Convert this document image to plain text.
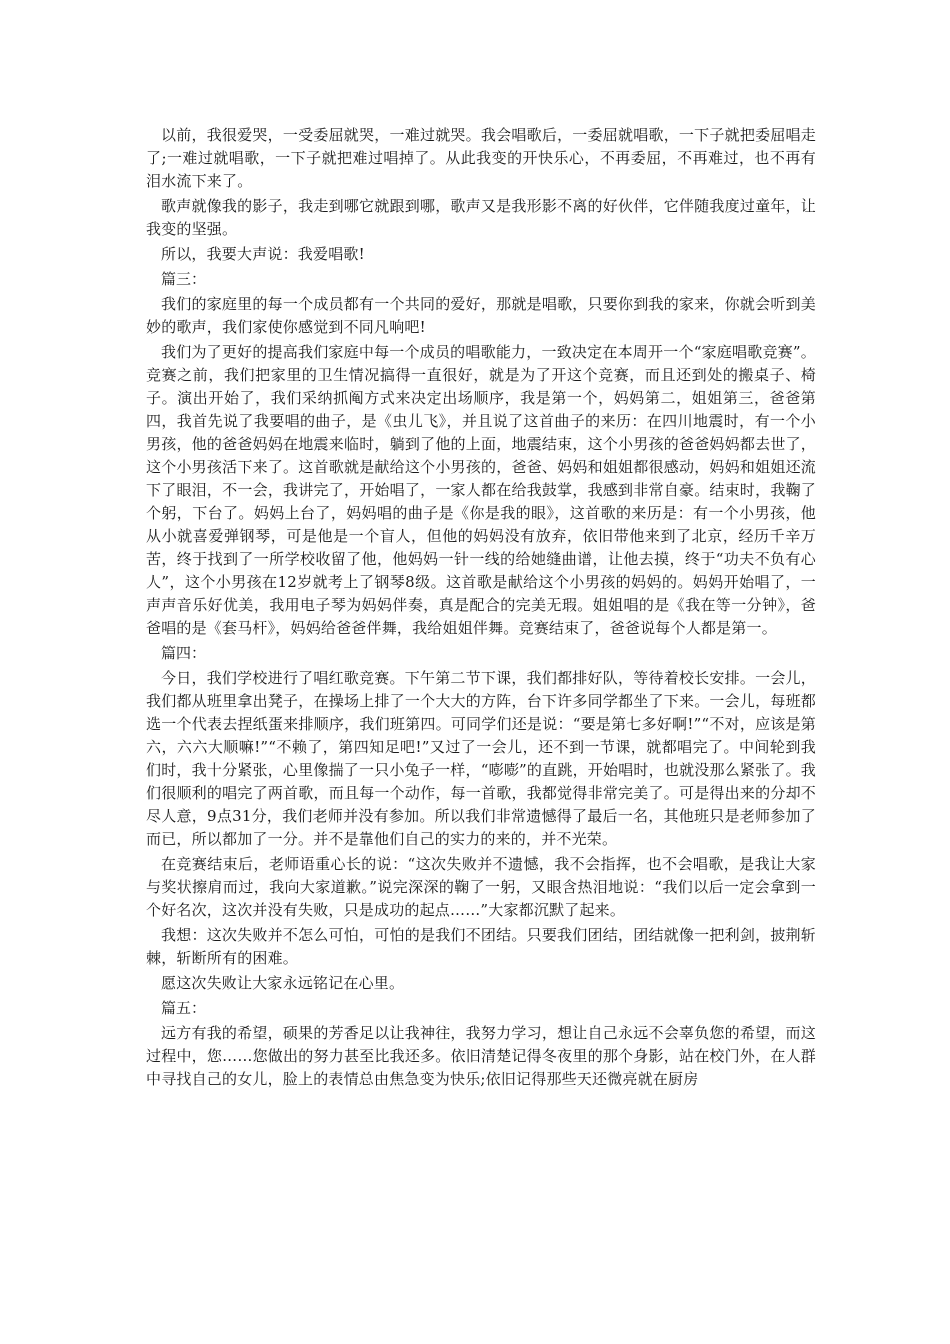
以前，我很爱哭，一受委屈就哭，一难过就哭。我会唱歌后，一委屈就唱歌，一下子就把委屈唱走了;一难过就唱歌，一下子就把难过唱掉了。从此我变的开快乐心，不再委屈，不再难过，也不再有泪水流下来了。

歌声就像我的影子，我走到哪它就跟到哪，歌声又是我形影不离的好伙伴，它伴随我度过童年，让我变的坚强。

所以，我要大声说：我爱唱歌!

篇三：

我们的家庭里的每一个成员都有一个共同的爱好，那就是唱歌，只要你到我的家来，你就会听到美妙的歌声，我们家使你感觉到不同凡响吧!

我们为了更好的提高我们家庭中每一个成员的唱歌能力，一致决定在本周开一个“家庭唱歌竞赛”。竞赛之前，我们把家里的卫生情况搞得一直很好，就是为了开这个竞赛，而且还到处的搬桌子、椅子。演出开始了，我们采纳抓阄方式来决定出场顺序，我是第一个，妈妈第二，姐姐第三，爸爸第四，我首先说了我要唱的曲子，是《虫儿飞》，并且说了这首曲子的来历：在四川地震时，有一个小男孩，他的爸爸妈妈在地震来临时，躺到了他的上面，地震结束，这个小男孩的爸爸妈妈都去世了，这个小男孩活下来了。这首歌就是献给这个小男孩的，爸爸、妈妈和姐姐都很感动，妈妈和姐姐还流下了眼泪，不一会，我讲完了，开始唱了，一家人都在给我鼓掌，我感到非常自豪。结束时，我鞠了个躬，下台了。妈妈上台了，妈妈唱的曲子是《你是我的眼》，这首歌的来历是：有一个小男孩，他从小就喜爱弹钢琴，可是他是一个盲人，但他的妈妈没有放弃，依旧带他来到了北京，经历千辛万苦，终于找到了一所学校收留了他，他妈妈一针一线的给她缝曲谱，让他去摸，终于“功夫不负有心人”，这个小男孩在12岁就考上了钢琴8级。这首歌是献给这个小男孩的妈妈的。妈妈开始唱了，一声声音乐好优美，我用电子琴为妈妈伴奏，真是配合的完美无瑕。姐姐唱的是《我在等一分钟》，爸爸唱的是《套马杆》，妈妈给爸爸伴舞，我给姐姐伴舞。竞赛结束了，爸爸说每个人都是第一。

篇四：

今日，我们学校进行了唱红歌竞赛。下午第二节下课，我们都排好队，等待着校长安排。一会儿，我们都从班里拿出凳子，在操场上排了一个大大的方阵，台下许多同学都坐了下来。一会儿，每班都选一个代表去捏纸蛋来排顺序，我们班第四。可同学们还是说：“要是第七多好啊!”“不对，应该是第六，六六大顺嘛!”“不赖了，第四知足吧!”又过了一会儿，还不到一节课，就都唱完了。中间轮到我们时，我十分紧张，心里像揣了一只小兔子一样，“嘭嘭”的直跳，开始唱时，也就没那么紧张了。我们很顺利的唱完了两首歌，而且每一个动作，每一首歌，我都觉得非常完美了。可是得出来的分却不尽人意，9点31分，我们老师并没有参加。所以我们非常遗憾得了最后一名，其他班只是老师参加了而已，所以都加了一分。并不是靠他们自己的实力的来的，并不光荣。

在竞赛结束后，老师语重心长的说：“这次失败并不遗憾，我不会指挥，也不会唱歌，是我让大家与奖状擦肩而过，我向大家道歉。”说完深深的鞠了一躬，又眼含热泪地说：“我们以后一定会拿到一个好名次，这次并没有失败，只是成功的起点……”大家都沉默了起来。

我想：这次失败并不怎么可怕，可怕的是我们不团结。只要我们团结，团结就像一把利剑，披荆斩棘，斩断所有的困难。

愿这次失败让大家永远铭记在心里。

篇五：

远方有我的希望，硕果的芳香足以让我神往，我努力学习，想让自己永远不会辜负您的希望，而这过程中，您……您做出的努力甚至比我还多。依旧清楚记得冬夜里的那个身影，站在校门外，在人群中寻找自己的女儿，脸上的表情总由焦急变为快乐;依旧记得那些天还微亮就在厨房
